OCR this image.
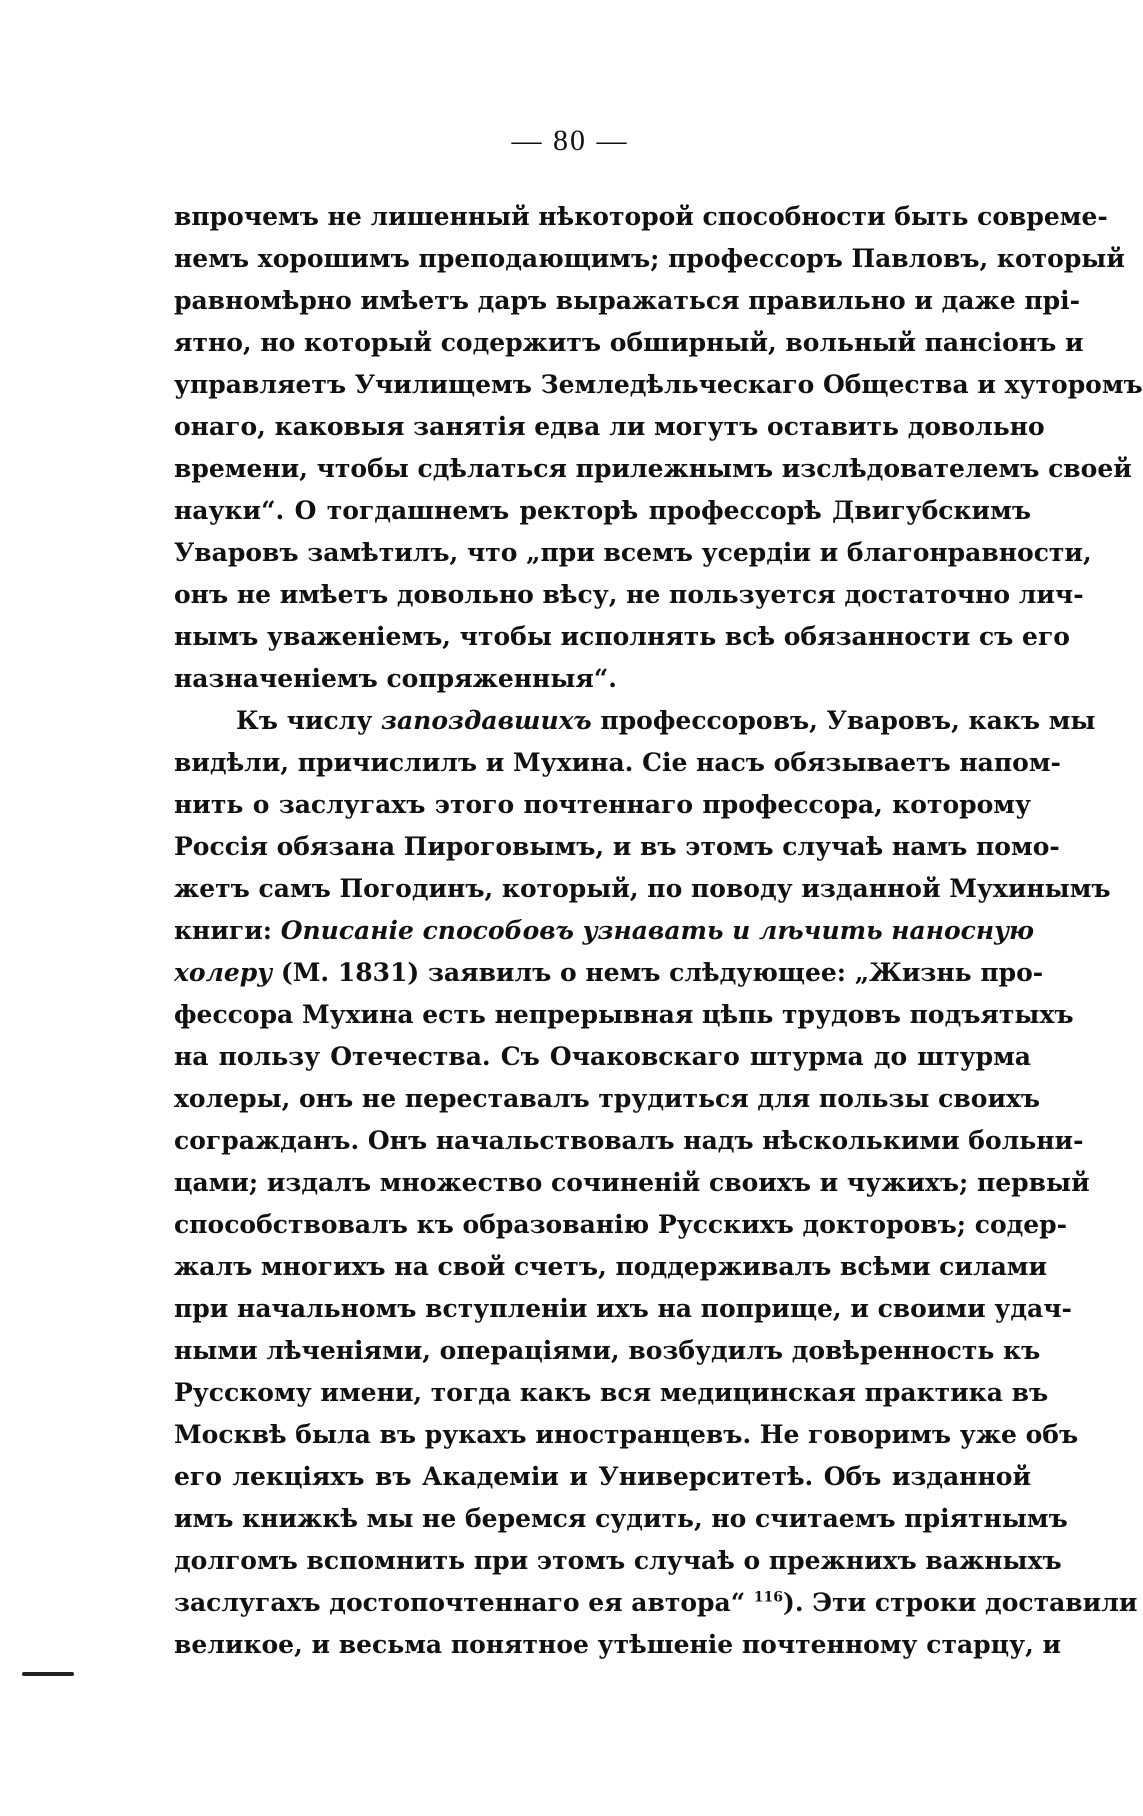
— 80 —
впрочемъ не лишенный нѣкоторой способности быть совреме-
немъ хорошимъ преподающимъ; профессоръ Павловъ, который
равномѣрно имѣетъ даръ выражаться правильно и даже прі-
ятно, но который содержитъ обширный, вольный пансіонъ и
управляетъ Училищемъ Земледѣльческаго Общества и хуторомъ
онаго, каковыя занятія едва ли могутъ оставить довольно
времени, чтобы сдѣлаться прилежнымъ изслѣдователемъ своей
науки“. О тогдашнемъ ректорѣ профессорѣ Двигубскимъ
Уваровъ замѣтилъ, что „при всемъ усердіи и благонравности,
онъ не имѣетъ довольно вѣсу, не пользуется достаточно лич-
нымъ уваженіемъ, чтобы исполнять всѣ обязанности съ его
назначеніемъ сопряженныя“.
Къ числу запоздавшихъ профессоровъ, Уваровъ, какъ мы
видѣли, причислилъ и Мухина. Сіе насъ обязываетъ напом-
нить о заслугахъ этого почтеннаго профессора, которому
Россія обязана Пироговымъ, и въ этомъ случаѣ намъ помо-
жетъ самъ Погодинъ, который, по поводу изданной Мухинымъ
книги: Описаніе способовъ узнавать и лѣчить наносную
холеру (М. 1831) заявилъ о немъ слѣдующее: „Жизнь про-
фессора Мухина есть непрерывная цѣпь трудовъ подъятыхъ
на пользу Отечества. Съ Очаковскаго штурма до штурма
холеры, онъ не переставалъ трудиться для пользы своихъ
согражданъ. Онъ начальствовалъ надъ нѣсколькими больни-
цами; издалъ множество сочиненій своихъ и чужихъ; первый
способствовалъ къ образованію Русскихъ докторовъ; содер-
жалъ многихъ на свой счетъ, поддерживалъ всѣми силами
при начальномъ вступленіи ихъ на поприще, и своими удач-
ными лѣченіями, операціями, возбудилъ довѣренность къ
Русскому имени, тогда какъ вся медицинская практика въ
Москвѣ была въ рукахъ иностранцевъ. Не говоримъ уже объ
его лекціяхъ въ Академіи и Университетѣ. Объ изданной
имъ книжкѣ мы не беремся судить, но считаемъ пріятнымъ
долгомъ вспомнить при этомъ случаѣ о прежнихъ важныхъ
заслугахъ достопочтеннаго ея автора“ $^{116}$). Эти строки доставили
великое, и весьма понятное утѣшеніе почтенному старцу, и
